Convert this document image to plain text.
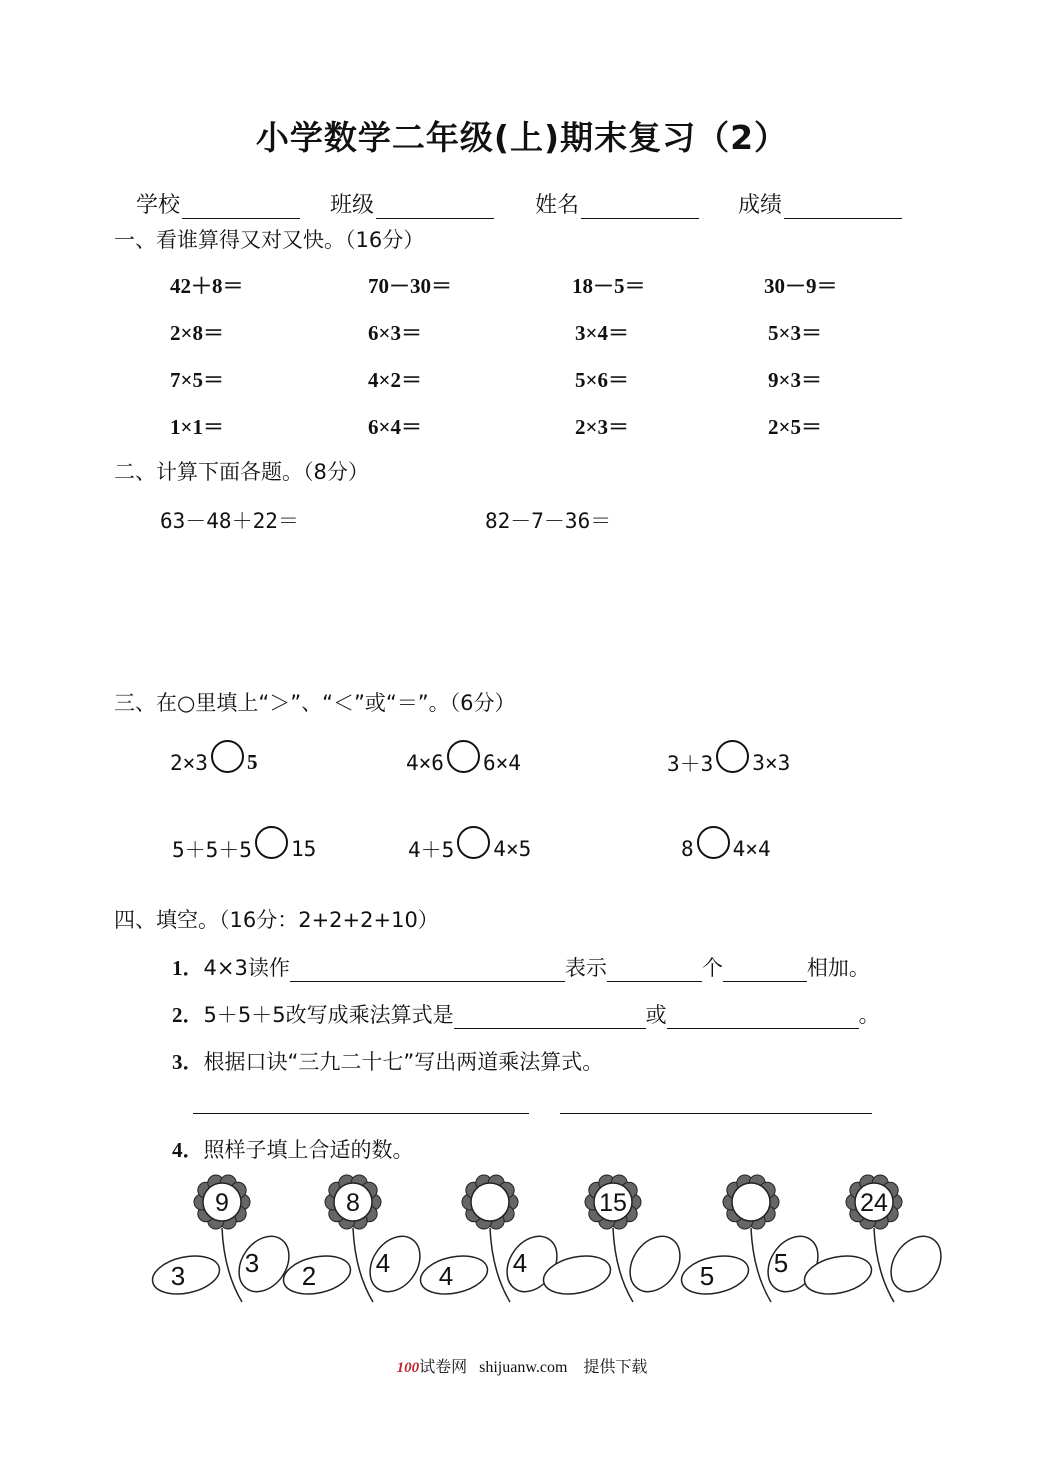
小学数学二年级(上)期末复习（2）
学校	班级	姓名	成绩
一、看谁算得又对又快。（16分）
42＋8＝	70－30＝	18－5＝	30－9＝
2×8＝	6×3＝	3×4＝	5×3＝
7×5＝	4×2＝	5×6＝	9×3＝
1×1＝	6×4＝	2×3＝	2×5＝
二、计算下面各题。（8分）
63－48＋22＝	82－7－36＝
三、在○里填上“＞”、“＜”或“＝”。（6分）
2×3 5	4×6 6×4	3＋3 3×3
5＋5＋5 15	4＋5 4×5	8 4×4
四、填空。（16分：2+2+2+10）
1．4×3读作	表示	个	相加。
2．5＋5＋5改写成乘法算式是	或	。
3．根据口诀“三九二十七”写出两道乘法算式。
4．照样子填上合适的数。
9
3 3
8
2 4 4 4
15
5 5
24
100试卷网 shijuanw.com 提供下载
